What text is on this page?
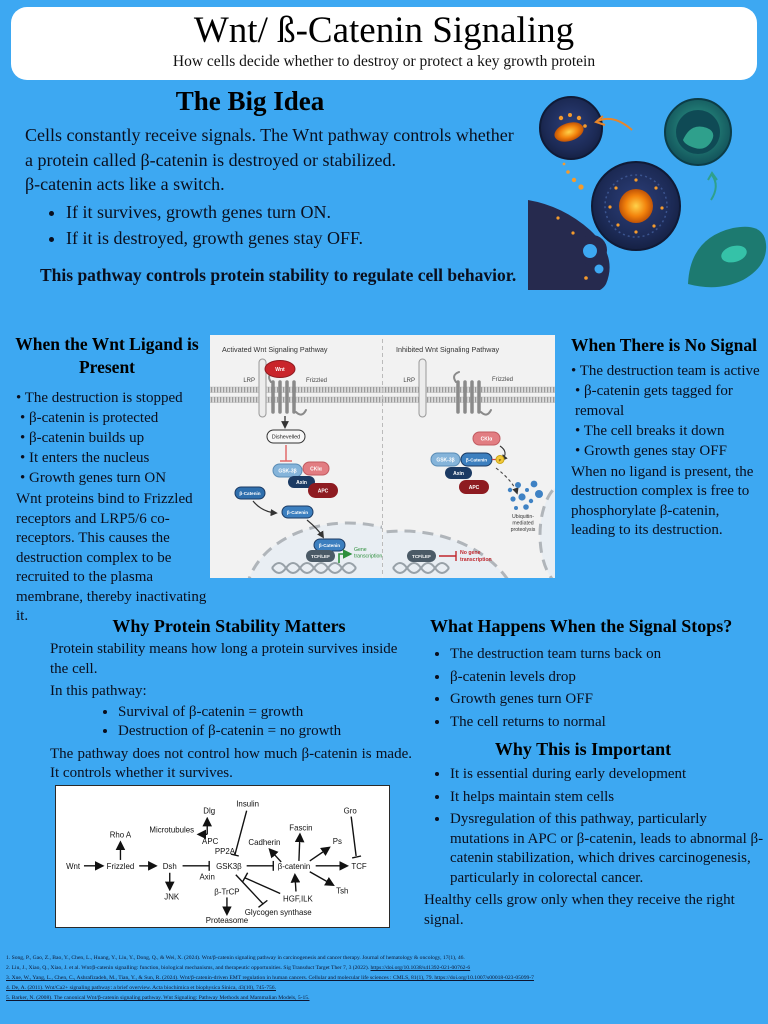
Wnt/ ß-Catenin Signaling
How cells decide whether to destroy or protect a key growth protein
The Big Idea
Cells constantly receive signals. The Wnt pathway controls whether a protein called β-catenin is destroyed or stabilized.
β-catenin acts like a switch.
• If it survives, growth genes turn ON.
• If it is destroyed, growth genes stay OFF.
This pathway controls protein stability to regulate cell behavior.
When the Wnt Ligand is Present
• The destruction is stopped
• β-catenin is protected
• β-catenin builds up
• It enters the nucleus
• Growth genes turn ON
Wnt proteins bind to Frizzled receptors and LRP5/6 co-receptors. This causes the destruction complex to be recruited to the plasma membrane, thereby inactivating it.
Activated Wnt Signaling Pathway	Inhibited Wnt Signaling Pathway
LRP	Frizzled
Wnt
Dishevelled
GSK-3β	CKIα
Axin
APC
β-Catenin
β-Catenin
β-Catenin
TCF/LEF
Gene
transcription
LRP	Frizzled
CKIα
GSK-3β β-Catenin
Axin
APC
P
Ubiquitin-
mediated
proteolysis
TCF/LEF
No gene
transcription
When There is No Signal
• The destruction team is active
• β-catenin gets tagged for removal
• The cell breaks it down
• Growth genes stay OFF
When no ligand is present, the destruction complex is free to phosphorylate β-catenin, leading to its destruction.
Why Protein Stability Matters
Protein stability means how long a protein survives inside the cell.
In this pathway:
• Survival of β-catenin = growth
• Destruction of β-catenin = no growth
The pathway does not control how much β-catenin is made. It controls whether it survives.
What Happens When the Signal Stops?
• The destruction team turns back on
• β-catenin levels drop
• Growth genes turn OFF
• The cell returns to normal
Why This is Important
• It is essential during early development
• It helps maintain stem cells
• Dysregulation of this pathway, particularly mutations in APC or β-catenin, leads to abnormal β-catenin stabilization, which drives carcinogenesis, particularly in colorectal cancer.
Healthy cells grow only when they receive the right signal.
Wnt	Frizzled	Dsh	GSK3β
Axin
β-catenin	TCF
Rho A
JNK
Microtubules
Dlg
APC
PP2A
Insulin
Cadherin
Fascin
Ps
Gro
Tsh
HGF,ILK
β-TrCP
Proteasome
Glycogen synthase
1. Song, P., Gao, Z., Bao, Y., Chen, L., Huang, Y., Liu, Y., Dong, Q., & Wei, X. (2024). Wnt/β-catenin signaling pathway in carcinogenesis and cancer therapy. Journal of hematology & oncology, 17(1), 46.
2. Liu, J., Xiao, Q., Xiao, J. et al. Wnt/β-catenin signalling: function, biological mechanisms, and therapeutic opportunities. Sig Transduct Target Ther 7, 3 (2022). https://doi.org/10.1038/s41392-021-00762-6
3. Xue, W., Yang, L., Chen, C., Ashrafizadeh, M., Tian, Y., & Sun, R. (2024). Wnt/β-catenin-driven EMT regulation in human cancers. Cellular and molecular life sciences : CMLS, 81(1), 79. https://doi.org/10.1007/s00018-023-05099-7
4. De, A. (2011). Wnt/Ca2+ signaling pathway: a brief overview. Acta biochimica et biophysica Sinica, 43(10), 745-756.
5. Barker, N. (2008). The canonical Wnt/β-catenin signaling pathway. Wnt Signaling: Pathway Methods and Mammalian Models, 5-15.
